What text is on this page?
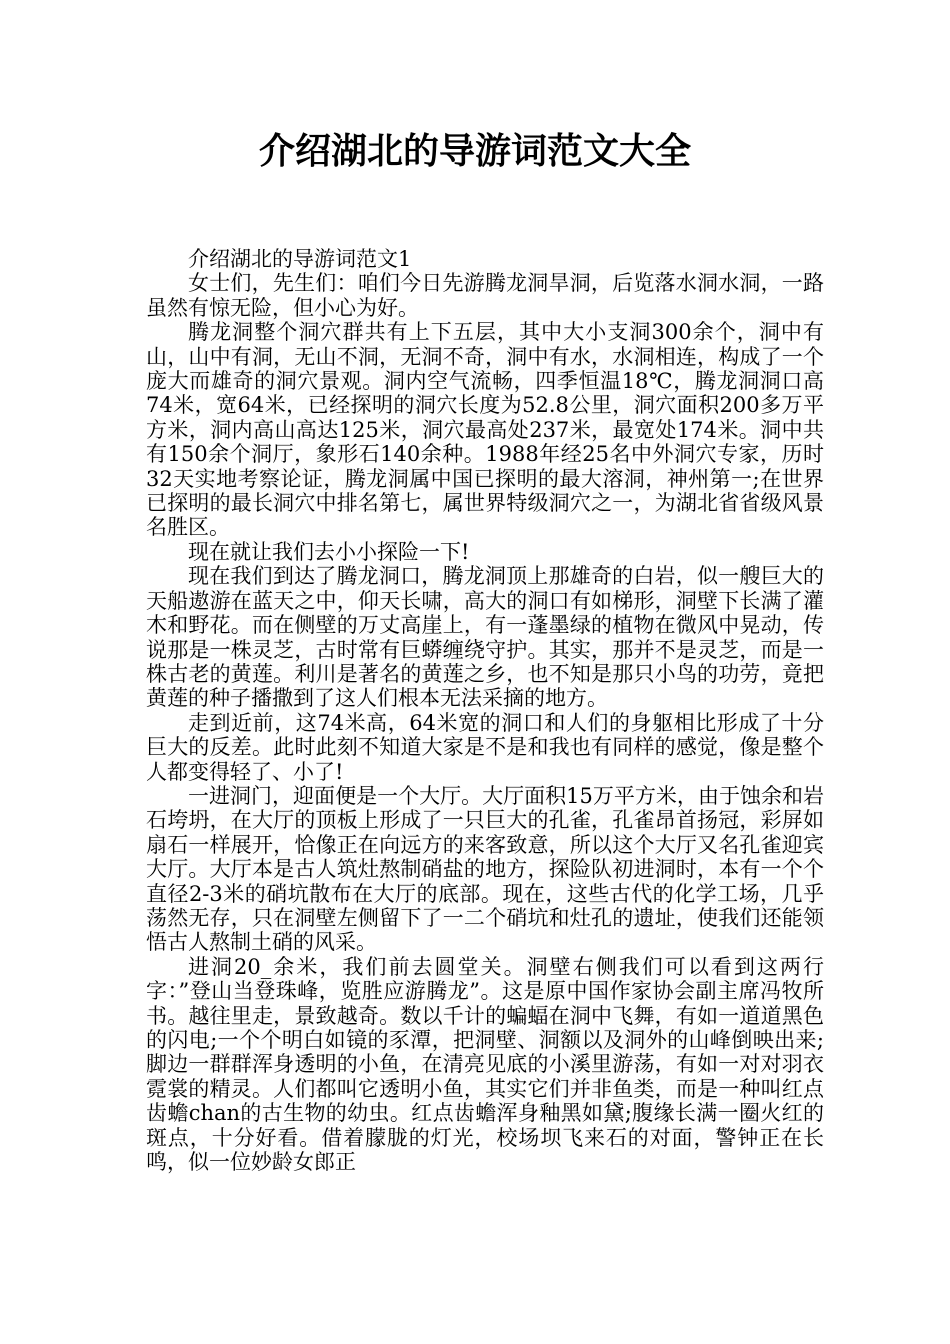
介绍湖北的导游词范文大全

介绍湖北的导游词范文1

女士们，先生们：咱们今日先游腾龙洞旱洞，后览落水洞水洞，一路虽然有惊无险，但小心为好。

腾龙洞整个洞穴群共有上下五层，其中大小支洞300余个，洞中有山，山中有洞，无山不洞，无洞不奇，洞中有水，水洞相连，构成了一个庞大而雄奇的洞穴景观。洞内空气流畅，四季恒温18℃，腾龙洞洞口高74米，宽64米，已经探明的洞穴长度为52.8公里，洞穴面积200多万平方米，洞内高山高达125米，洞穴最高处237米，最宽处174米。洞中共有150余个洞厅，象形石140余种。1988年经25名中外洞穴专家，历时32天实地考察论证，腾龙洞属中国已探明的最大溶洞，神州第一;在世界已探明的最长洞穴中排名第七，属世界特级洞穴之一，为湖北省省级风景名胜区。

现在就让我们去小小探险一下!

现在我们到达了腾龙洞口，腾龙洞顶上那雄奇的白岩，似一艘巨大的天船遨游在蓝天之中，仰天长啸，高大的洞口有如梯形，洞壁下长满了灌木和野花。而在侧壁的万丈高崖上，有一蓬墨绿的植物在微风中晃动，传说那是一株灵芝，古时常有巨蟒缠绕守护。其实，那并不是灵芝，而是一株古老的黄莲。利川是著名的黄莲之乡，也不知是那只小鸟的功劳，竟把黄莲的种子播撒到了这人们根本无法采摘的地方。

走到近前，这74米高，64米宽的洞口和人们的身躯相比形成了十分巨大的反差。此时此刻不知道大家是不是和我也有同样的感觉，像是整个人都变得轻了、小了!

一进洞门，迎面便是一个大厅。大厅面积15万平方米，由于蚀余和岩石垮坍，在大厅的顶板上形成了一只巨大的孔雀，孔雀昂首扬冠，彩屏如扇石一样展开，恰像正在向远方的来客致意，所以这个大厅又名孔雀迎宾大厅。大厅本是古人筑灶熬制硝盐的地方，探险队初进洞时，本有一个个直径2-3米的硝坑散布在大厅的底部。现在，这些古代的化学工场，几乎荡然无存，只在洞壁左侧留下了一二个硝坑和灶孔的遗址，使我们还能领悟古人熬制土硝的风采。

进洞20_余米，我们前去圆堂关。洞壁右侧我们可以看到这两行字：”登山当登珠峰，览胜应游腾龙”。这是原中国作家协会副主席冯牧所书。越往里走，景致越奇。数以千计的蝙蝠在洞中飞舞，有如一道道黑色的闪电;一个个明白如镜的豕潭，把洞壁、洞额以及洞外的山峰倒映出来;脚边一群群浑身透明的小鱼，在清亮见底的小溪里游荡，有如一对对羽衣霓裳的精灵。人们都叫它透明小鱼，其实它们并非鱼类，而是一种叫红点齿蟾chan的古生物的幼虫。红点齿蟾浑身釉黑如黛;腹缘长满一圈火红的斑点，十分好看。借着朦胧的灯光，校场坝飞来石的对面，警钟正在长鸣，似一位妙龄女郎正
